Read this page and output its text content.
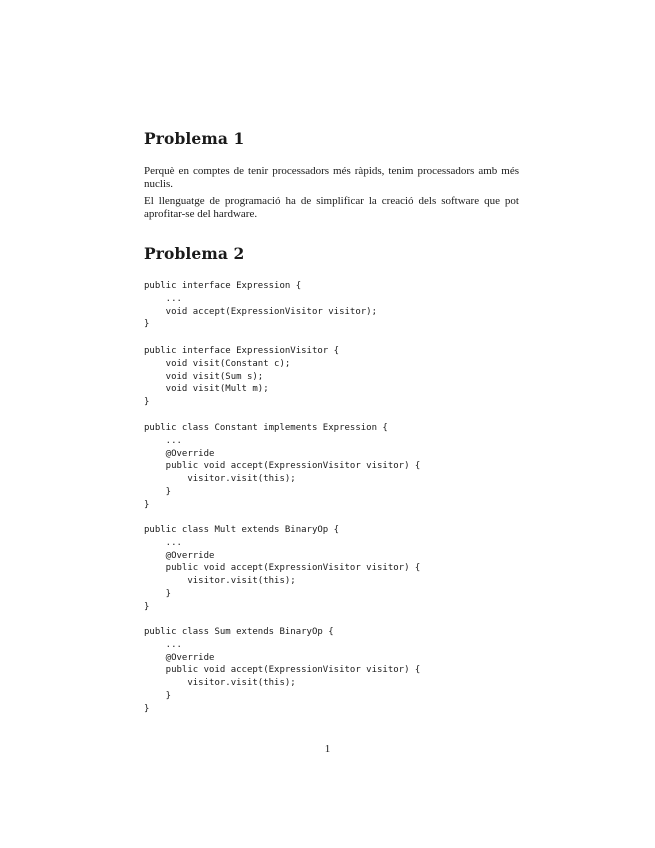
Problema 1

Perquè en comptes de tenir processadors més ràpids, tenim processadors amb més nuclis.

El llenguatge de programació ha de simplificar la creació dels software que pot aprofitar-se del hardware.

Problema 2
public interface Expression {
...
void accept(ExpressionVisitor visitor);
}
public interface ExpressionVisitor {
void visit(Constant c);
void visit(Sum s);
void visit(Mult m);
}
public class Constant implements Expression {
...
@Override
public void accept(ExpressionVisitor visitor) {
visitor.visit(this);
}
}
public class Mult extends BinaryOp {
...
@Override
public void accept(ExpressionVisitor visitor) {
visitor.visit(this);
}
}
public class Sum extends BinaryOp {
...
@Override
public void accept(ExpressionVisitor visitor) {
visitor.visit(this);
}
}
1
